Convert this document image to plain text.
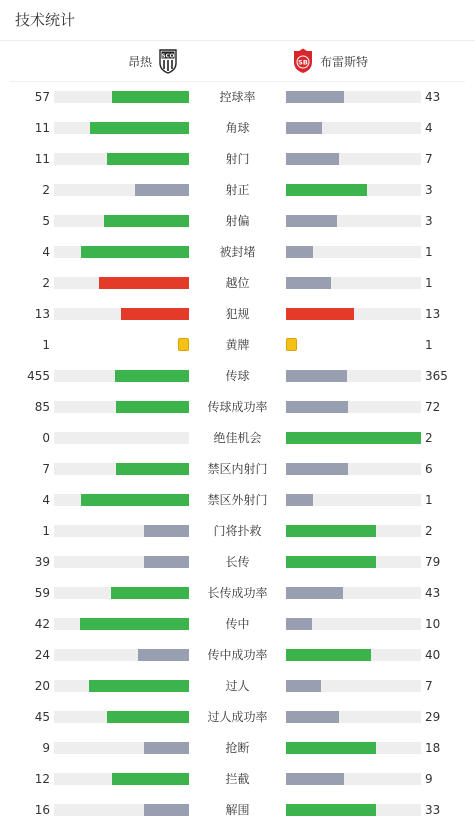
技术统计
昂热 SCO
SB 布雷斯特
57	控球率	43
11	角球	4
11	射门	7
2	射正	3
5	射偏	3
4	被封堵	1
2	越位	1
13	犯规	13
1	黄牌	1
455	传球	365
85	传球成功率	72
0	绝佳机会	2
7	禁区内射门	6
4	禁区外射门	1
1	门将扑救	2
39	长传	79
59	长传成功率	43
42	传中	10
24	传中成功率	40
20	过人	7
45	过人成功率	29
9	抢断	18
12	拦截	9
16	解围	33
